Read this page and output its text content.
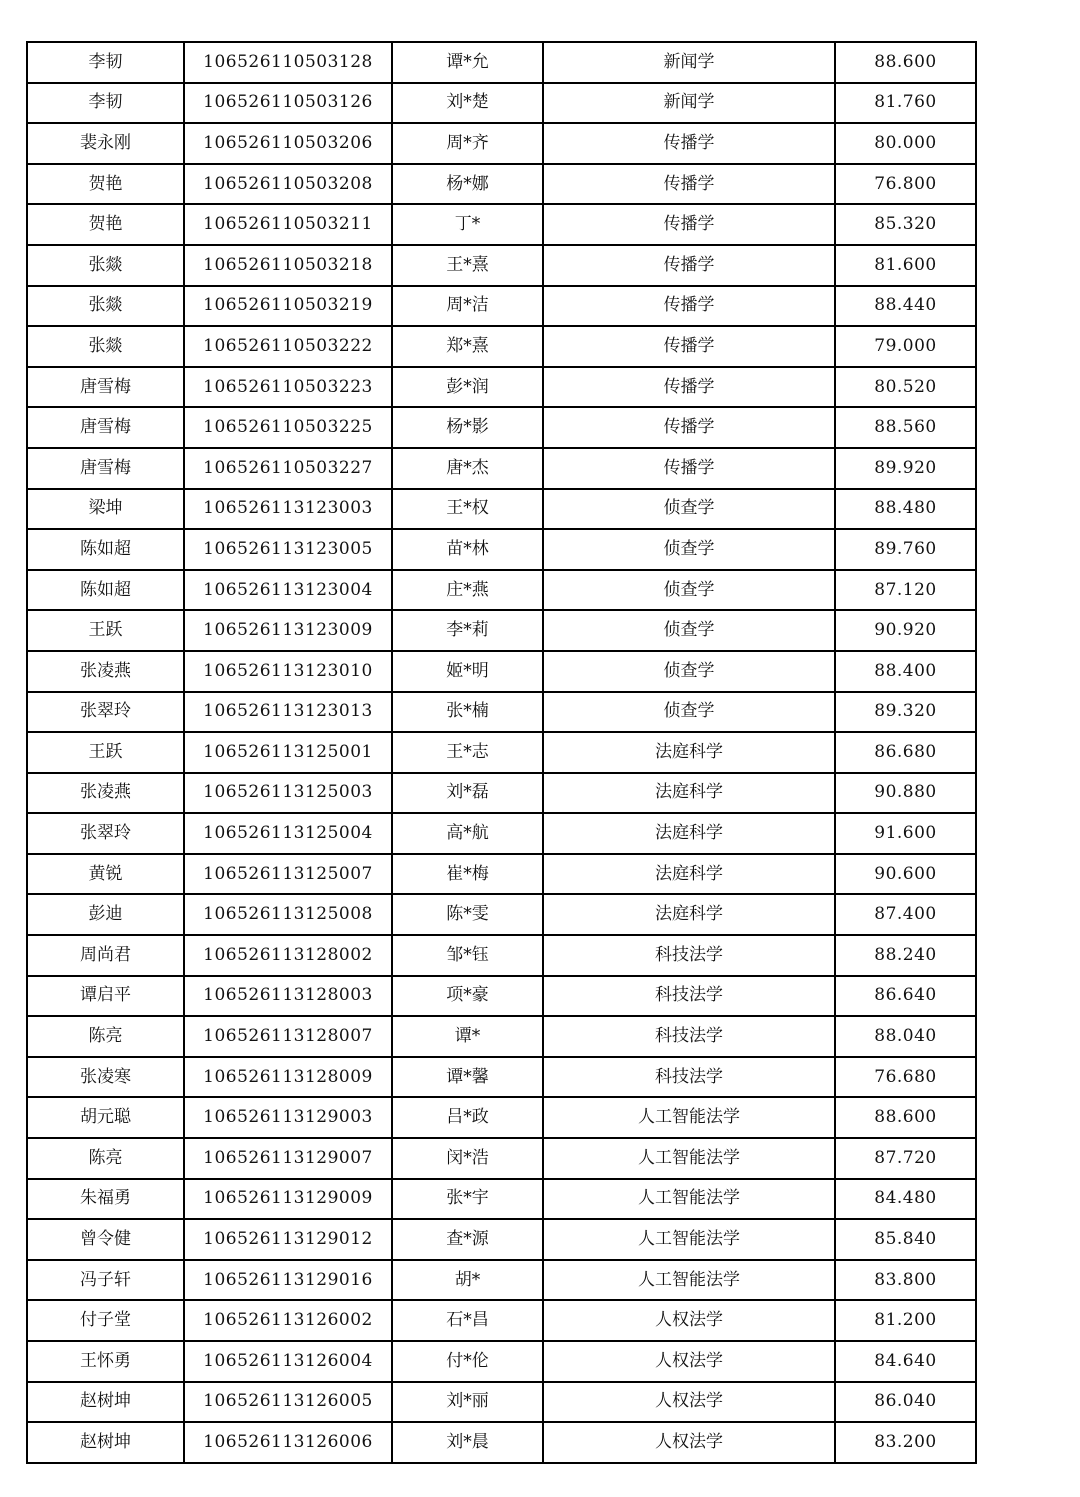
李韧	106526110503128	谭*允	新闻学	88.600
李韧	106526110503126	刘*楚	新闻学	81.760
裴永刚	106526110503206	周*齐	传播学	80.000
贺艳	106526110503208	杨*娜	传播学	76.800
贺艳	106526110503211	丁*	传播学	85.320
张燚	106526110503218	王*熹	传播学	81.600
张燚	106526110503219	周*洁	传播学	88.440
张燚	106526110503222	郑*熹	传播学	79.000
唐雪梅	106526110503223	彭*润	传播学	80.520
唐雪梅	106526110503225	杨*影	传播学	88.560
唐雪梅	106526110503227	唐*杰	传播学	89.920
梁坤	106526113123003	王*权	侦查学	88.480
陈如超	106526113123005	苗*林	侦查学	89.760
陈如超	106526113123004	庄*燕	侦查学	87.120
王跃	106526113123009	李*莉	侦查学	90.920
张凌燕	106526113123010	姬*明	侦查学	88.400
张翠玲	106526113123013	张*楠	侦查学	89.320
王跃	106526113125001	王*志	法庭科学	86.680
张凌燕	106526113125003	刘*磊	法庭科学	90.880
张翠玲	106526113125004	高*航	法庭科学	91.600
黄锐	106526113125007	崔*梅	法庭科学	90.600
彭迪	106526113125008	陈*雯	法庭科学	87.400
周尚君	106526113128002	邹*钰	科技法学	88.240
谭启平	106526113128003	项*豪	科技法学	86.640
陈亮	106526113128007	谭*	科技法学	88.040
张凌寒	106526113128009	谭*馨	科技法学	76.680
胡元聪	106526113129003	吕*政	人工智能法学	88.600
陈亮	106526113129007	闵*浩	人工智能法学	87.720
朱福勇	106526113129009	张*宇	人工智能法学	84.480
曾令健	106526113129012	查*源	人工智能法学	85.840
冯子轩	106526113129016	胡*	人工智能法学	83.800
付子堂	106526113126002	石*昌	人权法学	81.200
王怀勇	106526113126004	付*伦	人权法学	84.640
赵树坤	106526113126005	刘*丽	人权法学	86.040
赵树坤	106526113126006	刘*晨	人权法学	83.200
